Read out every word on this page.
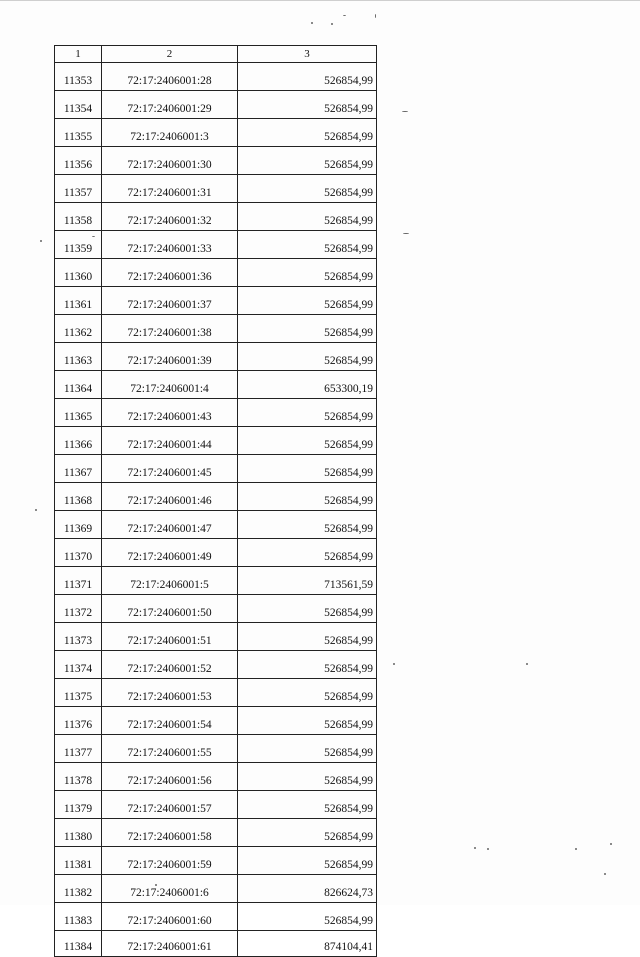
1	2	3
11353	72:17:2406001:28	526854,99
11354	72:17:2406001:29	526854,99
11355	72:17:2406001:3	526854,99
11356	72:17:2406001:30	526854,99
11357	72:17:2406001:31	526854,99
11358	72:17:2406001:32	526854,99
11359	72:17:2406001:33	526854,99
11360	72:17:2406001:36	526854,99
11361	72:17:2406001:37	526854,99
11362	72:17:2406001:38	526854,99
11363	72:17:2406001:39	526854,99
11364	72:17:2406001:4	653300,19
11365	72:17:2406001:43	526854,99
11366	72:17:2406001:44	526854,99
11367	72:17:2406001:45	526854,99
11368	72:17:2406001:46	526854,99
11369	72:17:2406001:47	526854,99
11370	72:17:2406001:49	526854,99
11371	72:17:2406001:5	713561,59
11372	72:17:2406001:50	526854,99
11373	72:17:2406001:51	526854,99
11374	72:17:2406001:52	526854,99
11375	72:17:2406001:53	526854,99
11376	72:17:2406001:54	526854,99
11377	72:17:2406001:55	526854,99
11378	72:17:2406001:56	526854,99
11379	72:17:2406001:57	526854,99
11380	72:17:2406001:58	526854,99
11381	72:17:2406001:59	526854,99
11382	72:17:2406001:6	826624,73
11383	72:17:2406001:60	526854,99
11384	72:17:2406001:61	874104,41
